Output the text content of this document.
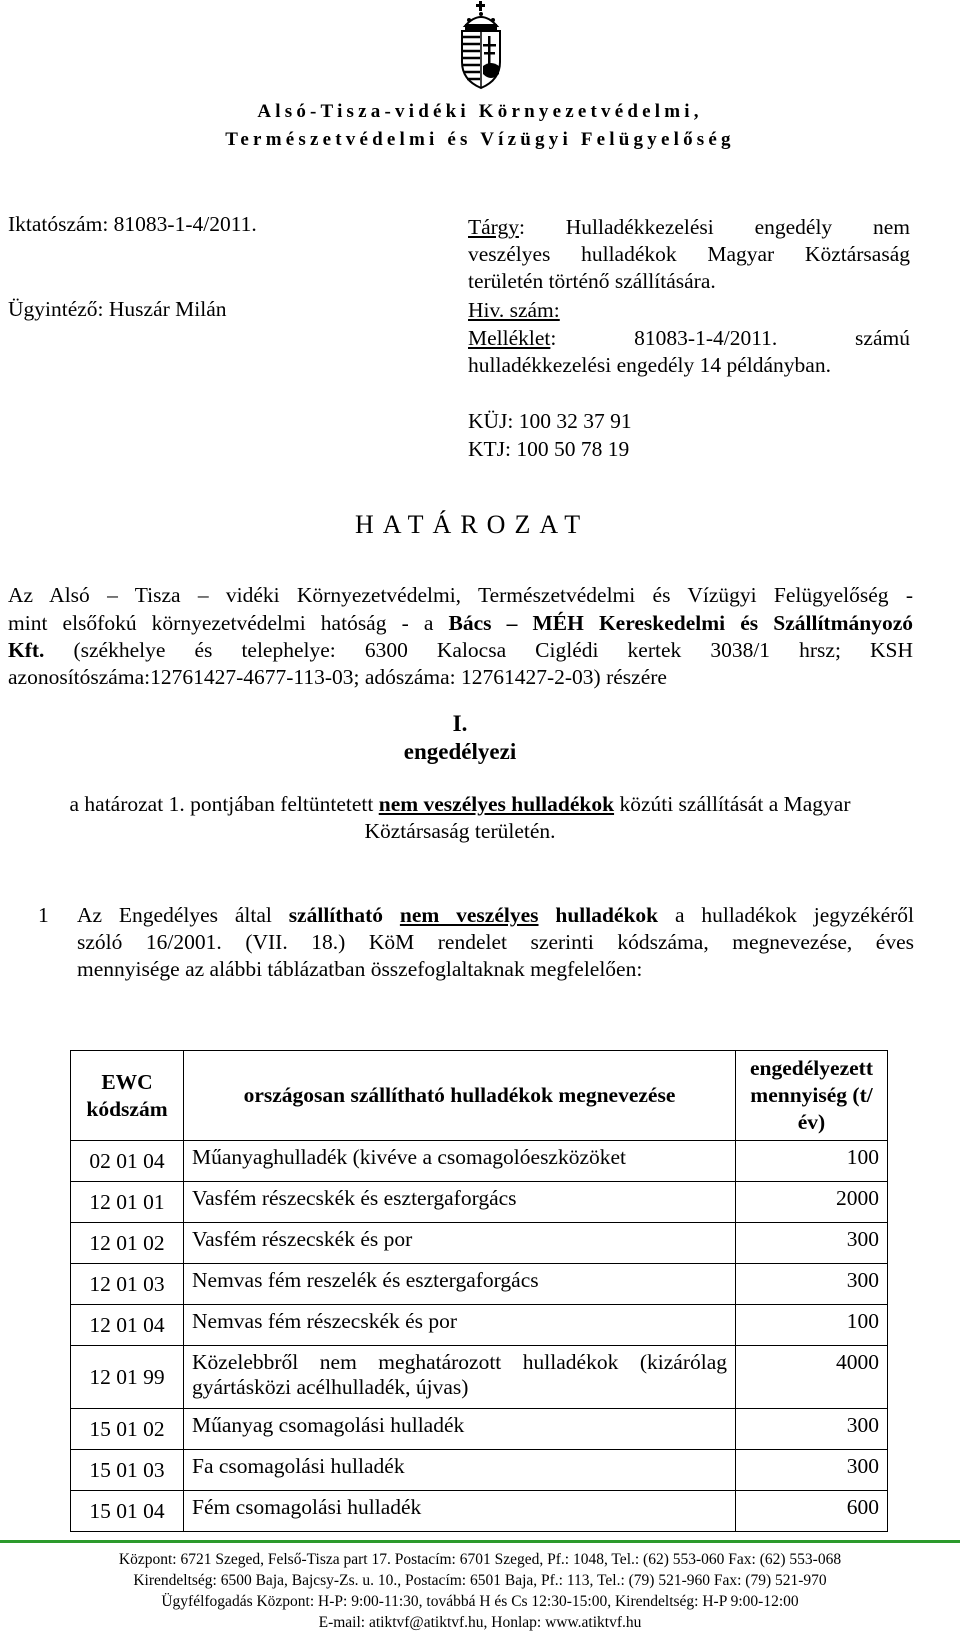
Alsó-Tisza-vidéki Környezetvédelmi,
Természetvédelmi és Vízügyi Felügyelőség
Iktatószám: 81083-1-4/2011.
Ügyintéző: Huszár Milán
Tárgy: Hulladékkezelési engedély nem
veszélyes hulladékok Magyar Köztársaság
területén történő szállítására.
Hiv. szám:
Melléklet: 81083-1-4/2011. számú
hulladékkezelési engedély 14 példányban.
KÜJ: 100 32 37 91
KTJ: 100 50 78 19
HATÁROZAT
Az Alsó – Tisza – vidéki Környezetvédelmi, Természetvédelmi és Vízügyi Felügyelőség -
mint elsőfokú környezetvédelmi hatóság - a Bács – MÉH Kereskedelmi és Szállítmányozó
Kft. (székhelye és telephelye: 6300 Kalocsa Ciglédi kertek 3038/1 hrsz; KSH
azonosítószáma:12761427-4677-113-03; adószáma: 12761427-2-03) részére
I.
engedélyezi
a határozat 1. pontjában feltüntetett nem veszélyes hulladékok közúti szállítását a Magyar
Köztársaság területén.
1 Az Engedélyes által szállítható nem veszélyes hulladékok a hulladékok jegyzékéről
szóló 16/2001. (VII. 18.) KöM rendelet szerinti kódszáma, megnevezése, éves
mennyisége az alábbi táblázatban összefoglaltaknak megfelelően:
EWC kódszám	országosan szállítható hulladékok megnevezése	engedélyezett mennyiség (t/év)
02 01 04	Műanyaghulladék (kivéve a csomagolóeszközöket	100
12 01 01	Vasfém részecskék és esztergaforgács	2000
12 01 02	Vasfém részecskék és por	300
12 01 03	Nemvas fém reszelék és esztergaforgács	300
12 01 04	Nemvas fém részecskék és por	100
12 01 99	Közelebbről nem meghatározott hulladékok (kizárólag gyártásközi acélhulladék, újvas)	4000
15 01 02	Műanyag csomagolási hulladék	300
15 01 03	Fa csomagolási hulladék	300
15 01 04	Fém csomagolási hulladék	600
Központ: 6721 Szeged, Felső-Tisza part 17. Postacím: 6701 Szeged, Pf.: 1048, Tel.: (62) 553-060 Fax: (62) 553-068
Kirendeltség: 6500 Baja, Bajcsy-Zs. u. 10., Postacím: 6501 Baja, Pf.: 113, Tel.: (79) 521-960 Fax: (79) 521-970
Ügyfélfogadás Központ: H-P: 9:00-11:30, továbbá H és Cs 12:30-15:00, Kirendeltség: H-P 9:00-12:00
E-mail: atiktvf@atiktvf.hu, Honlap: www.atiktvf.hu
